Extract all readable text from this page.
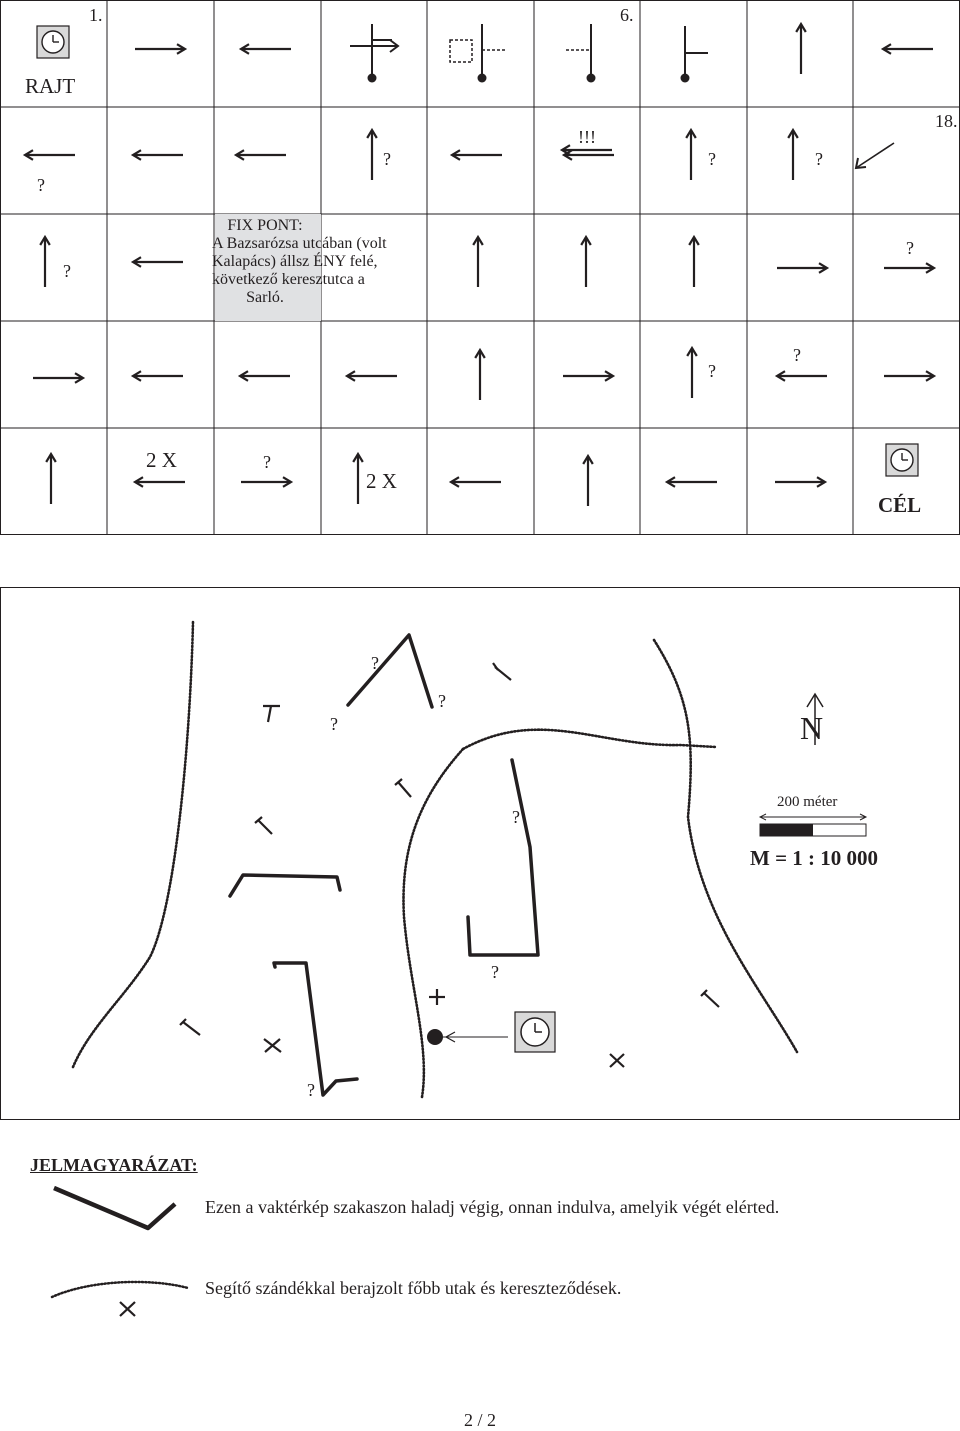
1.	6.
18.
RAJT
CÉL
?
?
!!!
?	?
?
?
?
?
?
2 X
2 X
FIX PONT:
A Bazsarózsa utcában (volt
Kalapács) állsz ÉNY felé,
következő keresztutca a
Sarló.
?
?
?
?
?
?
N
200 méter
M = 1 : 10 000
JELMAGYARÁZAT:
Ezen a vaktérkép szakaszon haladj végig, onnan indulva, amelyik végét elérted.
Segítő szándékkal berajzolt főbb utak és kereszteződések.
2 / 2
